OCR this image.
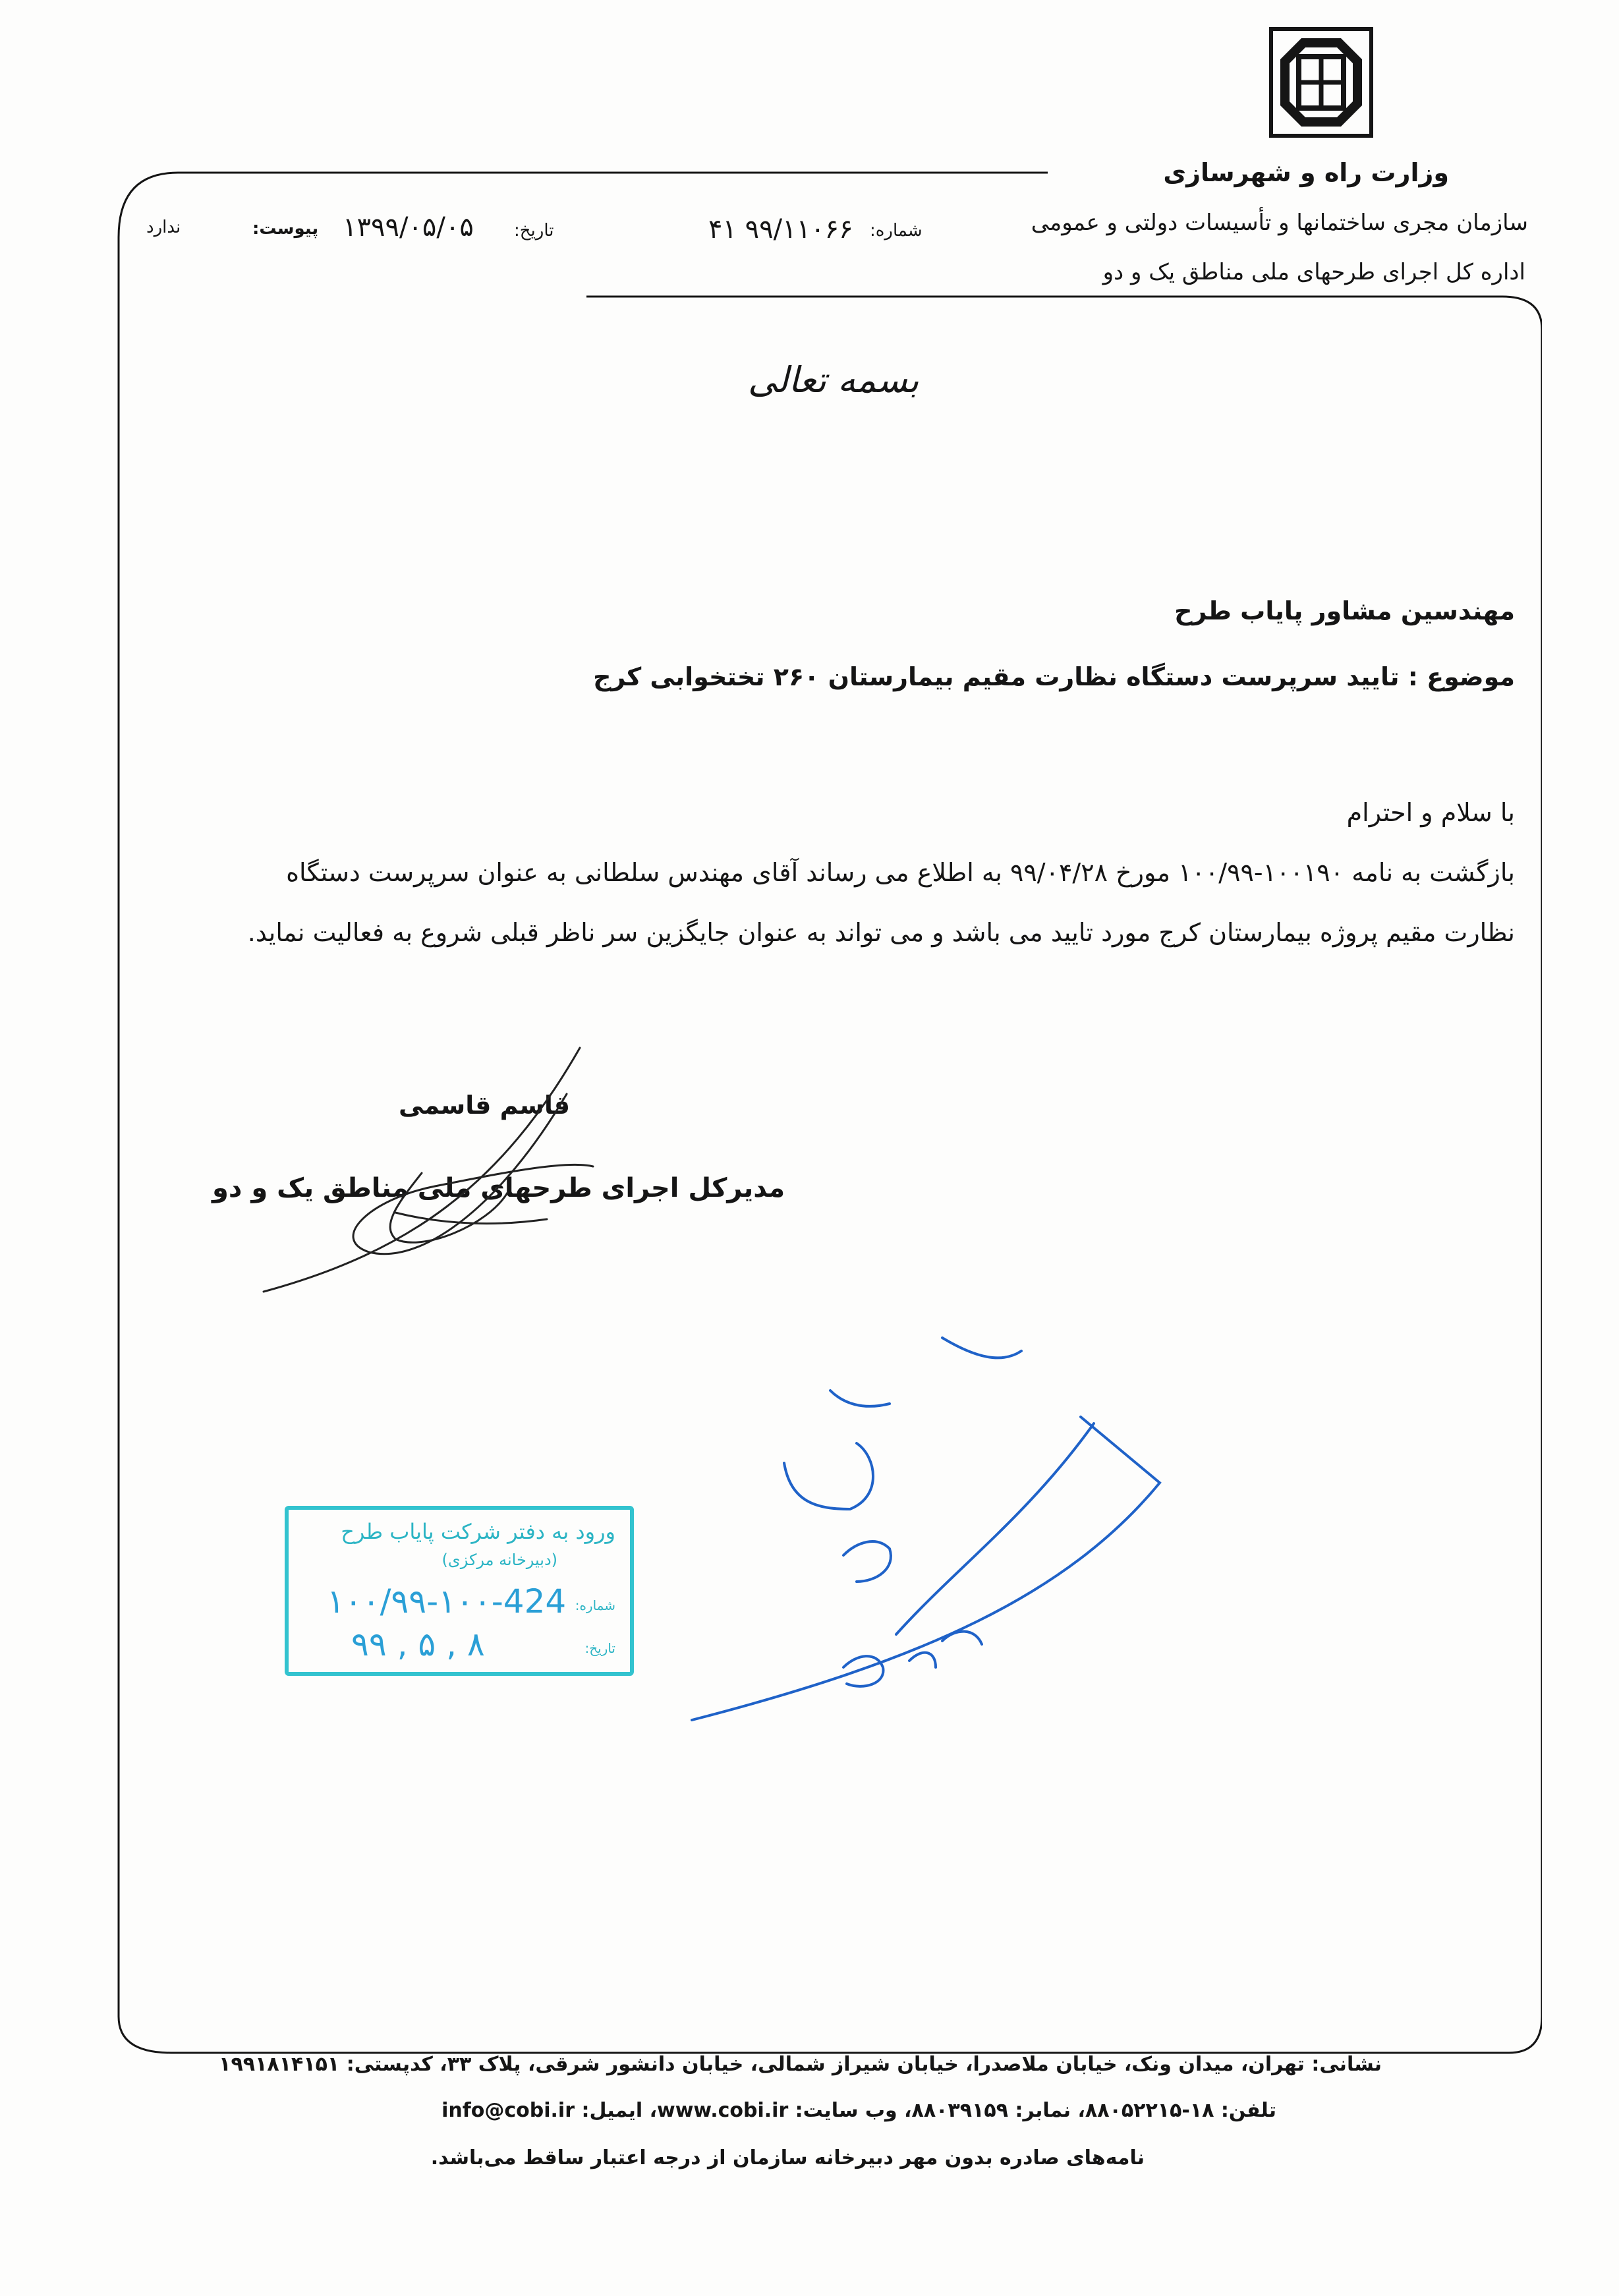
وزارت راه و شهرسازی
سازمان مجری ساختمانها و تأسیسات دولتی و عمومی
اداره کل اجرای طرحهای ملی مناطق یک و دو
شماره:
۴۱ ۹۹/۱۱۰۶۶
تاریخ:
۱۳۹۹/۰۵/۰۵
پیوست:
ندارد
بسمه تعالی
مهندسین مشاور پایاب طرح
موضوع : تایید سرپرست دستگاه نظارت مقیم بیمارستان ۲۶۰ تختخوابی کرج

با سلام و احترام

بازگشت به نامه ۱۰۰۱۹۰-۱۰۰/۹۹ مورخ ۹۹/۰۴/۲۸ به اطلاع می رساند آقای مهندس سلطانی به عنوان سرپرست دستگاه

نظارت مقیم پروژه بیمارستان کرج مورد تایید می باشد و می تواند به عنوان جایگزین سر ناظر قبلی شروع به فعالیت نماید.

قاسم قاسمی
مدیرکل اجرای طرحهای ملی مناطق یک و دو
ورود به دفتر شرکت پایاب طرح
(دبیرخانه مرکزی)
شماره:
۱۰۰/۹۹-۱۰۰-424
تاریخ:
۹۹ , ۵ , ۸
نشانی: تهران، میدان ونک، خیابان ملاصدرا، خیابان شیراز شمالی، خیابان دانشور شرقی، پلاک ۳۳، کدپستی: ۱۹۹۱۸۱۴۱۵۱
تلفن: ۱۸-۸۸۰۵۲۲۱۵، نمابر: ۸۸۰۳۹۱۵۹، وب سایت: www.cobi.ir، ایمیل: info@cobi.ir
نامه‌های صادره بدون مهر دبیرخانه سازمان از درجه اعتبار ساقط می‌باشد.
